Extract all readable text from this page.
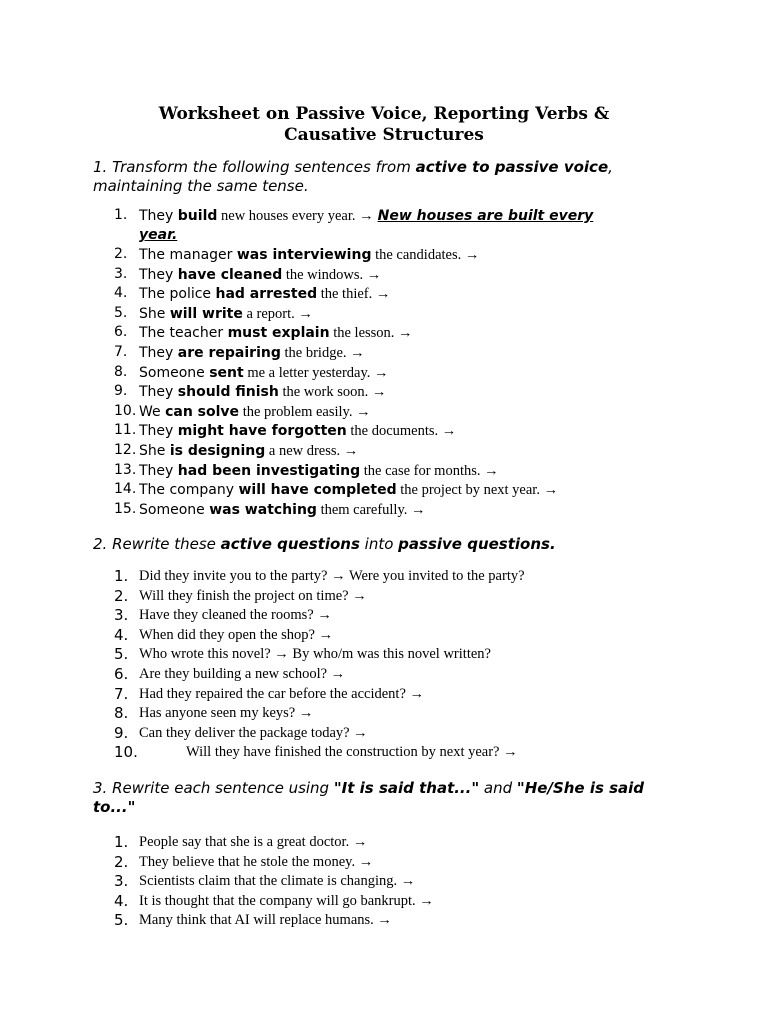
Worksheet on Passive Voice, Reporting Verbs &
Causative Structures

1. Transform the following sentences from active to passive voice,
maintaining the same tense.

1. They build new houses every year. → New houses are built every
year.
2. The manager was interviewing the candidates. →
3. They have cleaned the windows. →
4. The police had arrested the thief. →
5. She will write a report. →
6. The teacher must explain the lesson. →
7. They are repairing the bridge. →
8. Someone sent me a letter yesterday. →
9. They should finish the work soon. →
10. We can solve the problem easily. →
11. They might have forgotten the documents. →
12. She is designing a new dress. →
13. They had been investigating the case for months. →
14. The company will have completed the project by next year. →
15. Someone was watching them carefully. →

2. Rewrite these active questions into passive questions.

1. Did they invite you to the party? → Were you invited to the party?
2. Will they finish the project on time? →
3. Have they cleaned the rooms? →
4. When did they open the shop? →
5. Who wrote this novel? → By who/m was this novel written?
6. Are they building a new school? →
7. Had they repaired the car before the accident? →
8. Has anyone seen my keys? →
9. Can they deliver the package today? →
10.	Will they have finished the construction by next year? →

3. Rewrite each sentence using "It is said that..." and "He/She is said
to..."

1. People say that she is a great doctor. →
2. They believe that he stole the money. →
3. Scientists claim that the climate is changing. →
4. It is thought that the company will go bankrupt. →
5. Many think that AI will replace humans. →
